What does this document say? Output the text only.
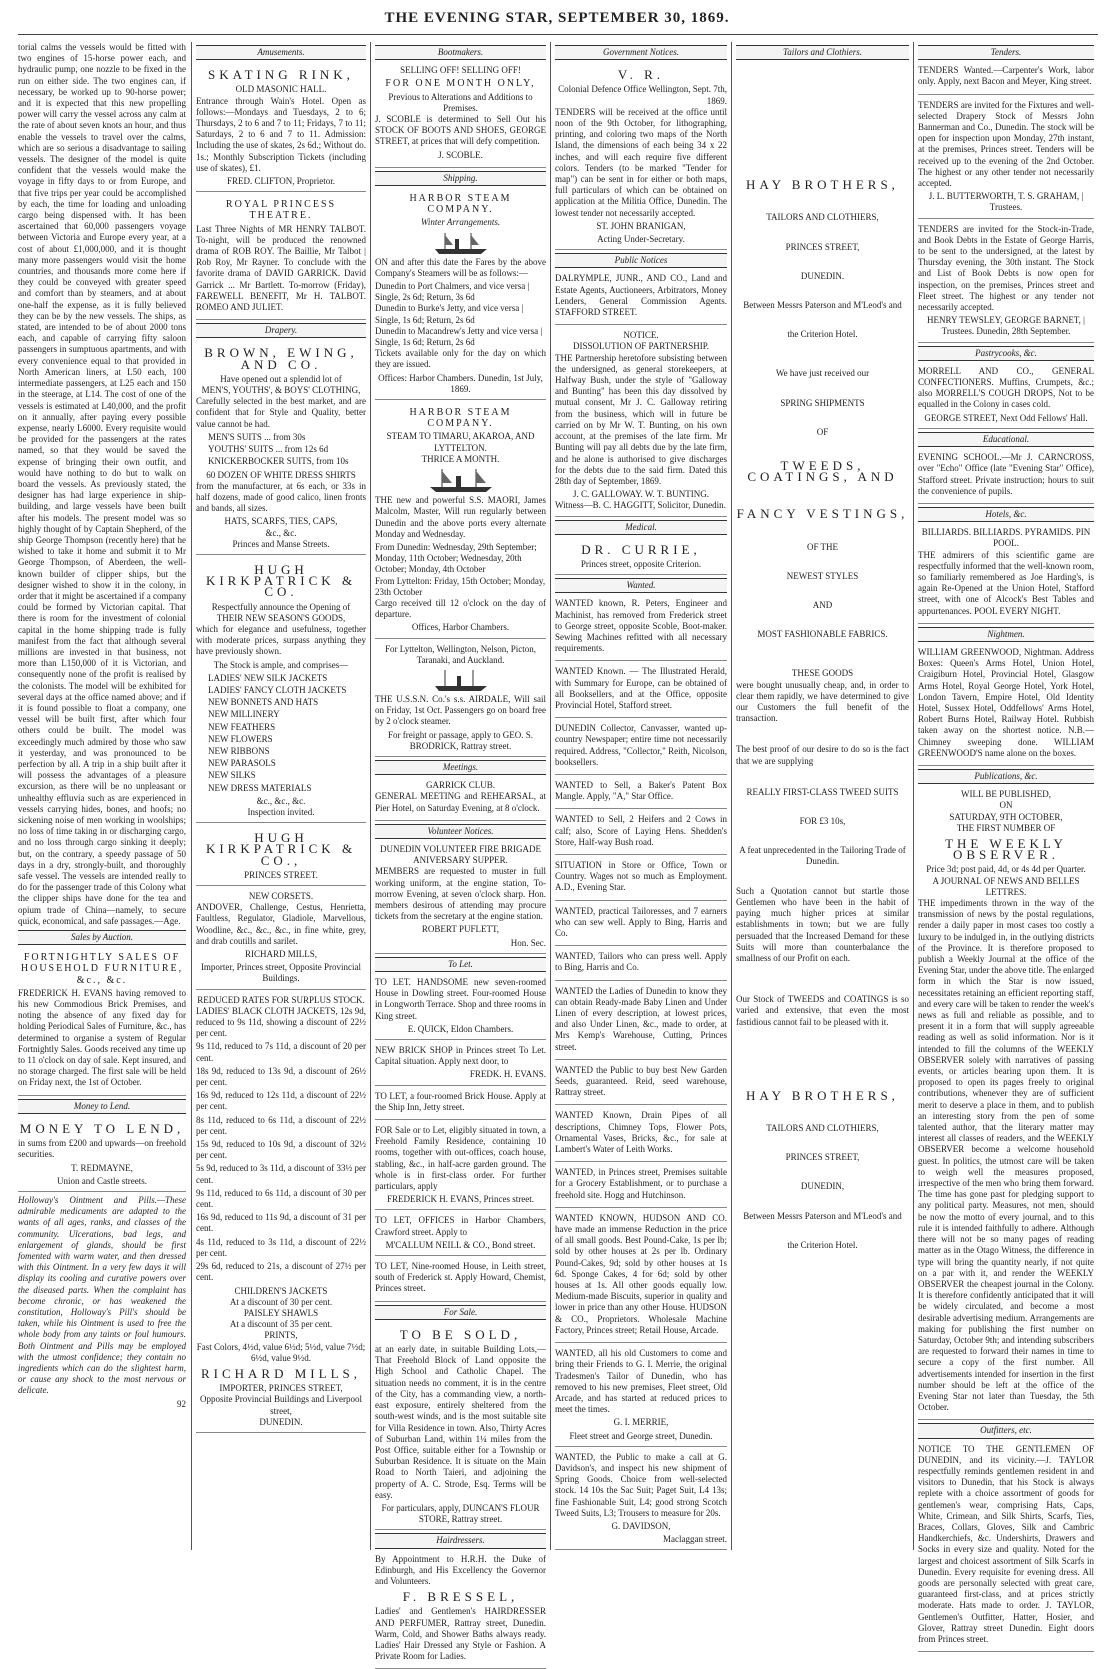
THE EVENING STAR, SEPTEMBER 30, 1869.

torial calms the vessels would be fitted with two engines of 15-horse power each, and hydraulic pump, one nozzle to be fixed in the run on either side. The two engines can, if necessary, be worked up to 90-horse power; and it is expected that this new propelling power will carry the vessel across any calm at the rate of about seven knots an hour, and thus enable the vessels to travel over the calms, which are so serious a disadvantage to sailing vessels. The designer of the model is quite confident that the vessels would make the voyage in fifty days to or from Europe, and that five trips per year could be accomplished by each, the time for loading and unloading cargo being dispensed with. It has been ascertained that 60,000 passengers voyage between Victoria and Europe every year, at a cost of about £1,000,000, and it is thought many more passengers would visit the home countries, and thousands more come here if they could be conveyed with greater speed and comfort than by steamers, and at about one-half the expense, as it is fully believed they can be by the new vessels. The ships, as stated, are intended to be of about 2000 tons each, and capable of carrying fifty saloon passengers in sumptuous apartments, and with every convenience equal to that provided in North American liners, at L50 each, 100 intermediate passengers, at L25 each and 150 in the steerage, at L14. The cost of one of the vessels is estimated at L40,000, and the profit on it annually, after paying every possible expense, nearly L6000. Every requisite would be provided for the passengers at the rates named, so that they would be saved the expense of bringing their own outfit, and would have nothing to do but to walk on board the vessels. As previously stated, the designer has had large experience in ship-building, and large vessels have been built after his models. The present model was so highly thought of by Captain Shepherd, of the ship George Thompson (recently here) that he wished to take it home and submit it to Mr George Thompson, of Aberdeen, the well-known builder of clipper ships, but the designer wished to show it in the colony, in order that it might be ascertained if a company could be formed by Victorian capital. That there is room for the investment of colonial capital in the home shipping trade is fully manifest from the fact that although several millions are invested in that business, not more than L150,000 of it is Victorian, and consequently none of the profit is realised by the colonists. The model will be exhibited for several days at the office named above; and if it is found possible to float a company, one vessel will be built first, after which four others could be built. The model was exceedingly much admired by those who saw it yesterday, and was pronounced to be perfection by all. A trip in a ship built after it will possess the advantages of a pleasure excursion, as there will be no unpleasant or unhealthy effluvia such as are experienced in vessels carrying hides, bones, and hoofs; no sickening noise of men working in woolships; no loss of time taking in or discharging cargo, and no loss through cargo sinking it deeply; but, on the contrary, a speedy passage of 50 days in a dry, strongly-built, and thoroughly safe vessel. The vessels are intended really to do for the passenger trade of this Colony what the clipper ships have done for the tea and opium trade of China—namely, to secure quick, economical, and safe passages.—Age.

Sales by Auction.
FORTNIGHTLY SALES OF HOUSEHOLD FURNITURE, &c., &c.

FREDERICK H. EVANS having removed to his new Commodious Brick Premises, and noting the absence of any fixed day for holding Periodical Sales of Furniture, &c., has determined to organise a system of Regular Fortnightly Sales. Goods received any time up to 11 o'clock on day of sale. Kept insured, and no storage charged. The first sale will be held on Friday next, the 1st of October.

Money to Lend.
MONEY TO LEND,

in sums from £200 and upwards—on freehold securities.

T. REDMAYNE,
Union and Castle streets.

Holloway's Ointment and Pills.—These admirable medicaments are adapted to the wants of all ages, ranks, and classes of the community. Ulcerations, bad legs, and enlargement of glands, should be first fomented with warm water, and then dressed with this Ointment. In a very few days it will display its cooling and curative powers over the diseased parts. When the complaint has become chronic, or has weakened the constitution, Holloway's Pill's should be taken, while his Ointment is used to free the whole body from any taints or foul humours. Both Ointment and Pills may be employed with the utmost confidence; they contain no ingredients which can do the slightest harm, or cause any shock to the most nervous or delicate.

92
Amusements.
SKATING RINK,
OLD MASONIC HALL.

Entrance through Wain's Hotel. Open as follows:—Mondays and Tuesdays, 2 to 6; Thursdays, 2 to 6 and 7 to 11; Fridays, 7 to 11; Saturdays, 2 to 6 and 7 to 11. Admission: Including the use of skates, 2s 6d.; Without do. 1s.; Monthly Subscription Tickets (including use of skates), £1.

FRED. CLIFTON, Proprietor.
ROYAL PRINCESS THEATRE.

Last Three Nights of MR HENRY TALBOT. To-night, will be produced the renowned drama of ROB ROY. The Baillie, Mr Talbot | Rob Roy, Mr Rayner. To conclude with the favorite drama of DAVID GARRICK. David Garrick ... Mr Bartlett. To-morrow (Friday), FAREWELL BENEFIT, Mr H. TALBOT. ROMEO AND JULIET.

Drapery.
BROWN, EWING, AND CO.
Have opened out a splendid lot of
MEN'S, YOUTHS', & BOYS' CLOTHING,

Carefully selected in the best market, and are confident that for Style and Quality, better value cannot be had.

MEN'S SUITS ... from 30s
YOUTHS' SUITS ... from 12s 6d
KNICKERBOCKER SUITS, from 10s
60 DOZEN OF WHITE DRESS SHIRTS

from the manufacturer, at 6s each, or 33s in half dozens, made of good calico, linen fronts and bands, all sizes.

HATS, SCARFS, TIES, CAPS,
&c., &c.
Princes and Manse Streets.
HUGH KIRKPATRICK & CO.
Respectfully announce the Opening of
THEIR NEW SEASON'S GOODS,

which for elegance and usefulness, together with moderate prices, surpass anything they have previously shown.

The Stock is ample, and comprises—
LADIES' NEW SILK JACKETS
LADIES' FANCY CLOTH JACKETS
NEW BONNETS AND HATS
NEW MILLINERY
NEW FEATHERS
NEW FLOWERS
NEW RIBBONS
NEW PARASOLS
NEW SILKS
NEW DRESS MATERIALS
&c., &c., &c.
Inspection invited.
HUGH KIRKPATRICK & CO.,
PRINCES STREET.
NEW CORSETS.

ANDOVER, Challenge, Cestus, Henrietta, Faultless, Regulator, Gladiole, Marvellous, Woodline, &c., &c., &c., in fine white, grey, and drab coutills and sarilet.

RICHARD MILLS,
Importer, Princes street, Opposite Provincial Buildings.
REDUCED RATES FOR SURPLUS STOCK.

LADIES' BLACK CLOTH JACKETS, 12s 9d, reduced to 9s 11d, showing a discount of 22½ per cent.

9s 11d, reduced to 7s 11d, a discount of 20 per cent.

18s 9d, reduced to 13s 9d, a discount of 26½ per cent.

16s 9d, reduced to 12s 11d, a discount of 22½ per cent.

8s 11d, reduced to 6s 11d, a discount of 22½ per cent.

15s 9d, reduced to 10s 9d, a discount of 32½ per cent.

5s 9d, reduced to 3s 11d, a discount of 33½ per cent.

9s 11d, reduced to 6s 11d, a discount of 30 per cent.

16s 9d, reduced to 11s 9d, a discount of 31 per cent.

4s 11d, reduced to 3s 11d, a discount of 22½ per cent.

29s 6d, reduced to 21s, a discount of 27½ per cent.

CHILDREN'S JACKETS
At a discount of 30 per cent.
PAISLEY SHAWLS
At a discount of 35 per cent.
PRINTS,
Fast Colors, 4½d, value 6½d; 5½d, value 7½d; 6½d, value 9½d.
RICHARD MILLS,
IMPORTER, PRINCES STREET,
Opposite Provincial Buildings and Liverpool street,
DUNEDIN.
Bootmakers.
SELLING OFF! SELLING OFF!
FOR ONE MONTH ONLY,
Previous to Alterations and Additions to Premises.

J. SCOBLE is determined to Sell Out his STOCK OF BOOTS AND SHOES, GEORGE STREET, at prices that will defy competition.

J. SCOBLE.
Shipping.
HARBOR STEAM COMPANY.
Winter Arrangements.

ON and after this date the Fares by the above Company's Steamers will be as follows:—

Dunedin to Port Chalmers, and vice versa | Single, 2s 6d; Return, 3s 6d
Dunedin to Burke's Jetty, and vice versa | Single, 1s 6d; Return, 2s 6d
Dunedin to Macandrew's Jetty and vice versa | Single, 1s 6d; Return, 2s 6d

Tickets available only for the day on which they are issued.

Offices: Harbor Chambers. Dunedin, 1st July, 1869.
HARBOR STEAM COMPANY.
STEAM TO TIMARU, AKAROA, AND LYTTELTON.
THRICE A MONTH.

THE new and powerful S.S. MAORI, James Malcolm, Master, Will run regularly between Dunedin and the above ports every alternate Monday and Wednesday.

From Dunedin: Wednesday, 29th September; Monday, 11th October; Wednesday, 20th October; Monday, 4th October
From Lyttelton: Friday, 15th October; Monday, 23th October

Cargo received till 12 o'clock on the day of departure.

Offices, Harbor Chambers.
For Lyttelton, Wellington, Nelson, Picton, Taranaki, and Auckland.

THE U.S.S.N. Co.'s s.s. AIRDALE, Will sail on Friday, 1st Oct. Passengers go on board free by 2 o'clock steamer.

For freight or passage, apply to GEO. S. BRODRICK, Rattray street.
Meetings.
GARRICK CLUB.

GENERAL MEETING and REHEARSAL, at Pier Hotel, on Saturday Evening, at 8 o'clock.

Volunteer Notices.
DUNEDIN VOLUNTEER FIRE BRIGADE ANIVERSARY SUPPER.

MEMBERS are requested to muster in full working uniform, at the engine station, To-morrow Evening, at seven o'clock sharp. Hon. members desirous of attending may procure tickets from the secretary at the engine station.

ROBERT PUFLETT,
Hon. Sec.
To Let.

TO LET. HANDSOME new seven-roomed House in Dowling street. Four-roomed House in Longworth Terrace. Shop and three rooms in King street.

E. QUICK, Eldon Chambers.

NEW BRICK SHOP in Princes street To Let. Capital situation. Apply next door, to

FREDK. H. EVANS.

TO LET, a four-roomed Brick House. Apply at the Ship Inn, Jetty street.

FOR Sale or to Let, eligibly situated in town, a Freehold Family Residence, containing 10 rooms, together with out-offices, coach house, stabling, &c., in half-acre garden ground. The whole is in first-class order. For further particulars, apply

FREDERICK H. EVANS, Princes street.

TO LET, OFFICES in Harbor Chambers, Crawford street. Apply to

M'CALLUM NEILL & CO., Bond street.

TO LET, Nine-roomed House, in Leith street, south of Frederick st. Apply Howard, Chemist, Princes street.

For Sale.
TO BE SOLD,

at an early date, in suitable Building Lots,— That Freehold Block of Land opposite the High School and Catholic Chapel. The situation needs no comment, it is in the centre of the City, has a commanding view, a north-east exposure, entirely sheltered from the south-west winds, and is the most suitable site for Villa Residence in town. Also, Thirty Acres of Suburban Land, within 1¼ miles from the Post Office, suitable either for a Township or Suburban Residence. It is situate on the Main Road to North Taieri, and adjoining the property of A. C. Strode, Esq. Terms will be easy.

For particulars, apply, DUNCAN'S FLOUR STORE, Rattray street.
Hairdressers.

By Appointment to H.R.H. the Duke of Edinburgh, and His Excellency the Governor and Volunteers.

F. BRESSEL,

Ladies' and Gentlemen's HAIRDRESSER AND PERFUMER, Rattray street, Dunedin. Warm, Cold, and Shower Baths always ready. Ladies' Hair Dressed any Style or Fashion. A Private Room for Ladies.

Government Notices.
V. R.
Colonial Defence Office Wellington, Sept. 7th, 1869.

TENDERS will be received at the office until noon of the 9th October, for lithographing, printing, and coloring two maps of the North Island, the dimensions of each being 34 x 22 inches, and will each require five different colors. Tenders (to be marked "Tender for map") can be sent in for either or both maps, full particulars of which can be obtained on application at the Militia Office, Dunedin. The lowest tender not necessarily accepted.

ST. JOHN BRANIGAN,
Acting Under-Secretary.
Public Notices

DALRYMPLE, JUNR., AND CO., Land and Estate Agents, Auctioneers, Arbitrators, Money Lenders, General Commission Agents. STAFFORD STREET.

NOTICE.
DISSOLUTION OF PARTNERSHIP.

THE Partnership heretofore subsisting between the undersigned, as general storekeepers, at Halfway Bush, under the style of "Galloway and Bunting" has been this day dissolved by mutual consent, Mr J. C. Galloway retiring from the business, which will in future be carried on by Mr W. T. Bunting, on his own account, at the premises of the late firm. Mr Bunting will pay all debts due by the late firm, and he alone is authorised to give discharges for the debts due to the said firm. Dated this 28th day of September, 1869.

J. C. GALLOWAY. W. T. BUNTING.
Witness—B. C. HAGGITT, Solicitor, Dunedin.
Medical.
DR. CURRIE,
Princes street, opposite Criterion.
Wanted.

WANTED known, R. Peters, Engineer and Machinist, has removed from Frederick street to George street, opposite Scoble, Boot-maker. Sewing Machines refitted with all necessary requirements.

WANTED Known. — The Illustrated Herald, with Summary for Europe, can be obtained of all Booksellers, and at the Office, opposite Provincial Hotel, Stafford street.

DUNEDIN Collector, Canvasser, wanted up-country Newspaper; entire time not necessarily required. Address, "Collector," Reith, Nicolson, booksellers.

WANTED to Sell, a Baker's Patent Box Mangle. Apply, "A," Star Office.

WANTED to Sell, 2 Heifers and 2 Cows in calf; also, Score of Laying Hens. Shedden's Store, Half-way Bush road.

SITUATION in Store or Office, Town or Country. Wages not so much as Employment. A.D., Evening Star.

WANTED, practical Tailoresses, and 7 earners who can sew well. Apply to Bing, Harris and Co.

WANTED, Tailors who can press well. Apply to Bing, Harris and Co.

WANTED the Ladies of Dunedin to know they can obtain Ready-made Baby Linen and Under Linen of every description, at lowest prices, and also Under Linen, &c., made to order, at Mrs Kemp's Warehouse, Cutting, Princes street.

WANTED the Public to buy best New Garden Seeds, guaranteed. Reid, seed warehouse, Rattray street.

WANTED Known, Drain Pipes of all descriptions, Chimney Tops, Flower Pots, Ornamental Vases, Bricks, &c., for sale at Lambert's Water of Leith Works.

WANTED, in Princes street, Premises suitable for a Grocery Establishment, or to purchase a freehold site. Hogg and Hutchinson.

WANTED KNOWN, HUDSON AND CO. have made an immense Reduction in the price of all small goods. Best Pound-Cake, 1s per lb; sold by other houses at 2s per lb. Ordinary Pound-Cakes, 9d; sold by other houses at 1s 6d. Sponge Cakes, 4 for 6d; sold by other houses at 1s. All other goods equally low. Medium-made Biscuits, superior in quality and lower in price than any other House. HUDSON & CO., Proprietors. Wholesale Machine Factory, Princes street; Retail House, Arcade.

WANTED, all his old Customers to come and bring their Friends to G. I. Merrie, the original Tradesmen's Tailor of Dunedin, who has removed to his new premises, Fleet street, Old Arcade, and has started at reduced prices to meet the times.

G. I. MERRIE,
Fleet street and George street, Dunedin.

WANTED, the Public to make a call at G. Davidson's, and inspect his new shipment of Spring Goods. Choice from well-selected stock. 14 10s the Sac Suit; Paget Suit, L4 13s; fine Fashionable Suit, L4; good strong Scotch Tweed Suits, L3; Trousers to measure for 20s.

G. DAVIDSON,
Maclaggan street.
Tailors and Clothiers.
HAY BROTHERS,
TAILORS AND CLOTHIERS,
PRINCES STREET,
DUNEDIN.
Between Messrs Paterson and M'Leod's and
the Criterion Hotel.
We have just received our
SPRING SHIPMENTS
OF
TWEEDS, COATINGS, AND
FANCY VESTINGS,
OF THE
NEWEST STYLES
AND
MOST FASHIONABLE FABRICS.
THESE GOODS

were bought unusually cheap, and, in order to clear them rapidly, we have determined to give our Customers the full benefit of the transaction.

The best proof of our desire to do so is the fact that we are supplying

REALLY FIRST-CLASS TWEED SUITS
FOR £3 10s,
A feat unprecedented in the Tailoring Trade of Dunedin.

Such a Quotation cannot but startle those Gentlemen who have been in the habit of paying much higher prices at similar establishments in town; but we are fully persuaded that the Increased Demand for these Suits will more than counterbalance the smallness of our Profit on each.

Our Stock of TWEEDS and COATINGS is so varied and extensive, that even the most fastidious cannot fail to be pleased with it.

HAY BROTHERS,
TAILORS AND CLOTHIERS,
PRINCES STREET,
DUNEDIN,
Between Messrs Paterson and M'Leod's and
the Criterion Hotel.
Tenders.

TENDERS Wanted.—Carpenter's Work, labor only. Apply, next Bacon and Meyer, King street.

TENDERS are invited for the Fixtures and well-selected Drapery Stock of Messrs John Bannerman and Co., Dunedin. The stock will be open for inspection upon Monday, 27th instant, at the premises, Princes street. Tenders will be received up to the evening of the 2nd October. The highest or any other tender not necessarily accepted.

J. L. BUTTERWORTH, T. S. GRAHAM, | Trustees.

TENDERS are invited for the Stock-in-Trade, and Book Debts in the Estate of George Harris, to be sent to the undersigned, at the latest by Thursday evening, the 30th instant. The Stock and List of Book Debts is now open for inspection, on the premises, Princes street and Fleet street. The highest or any tender not necessarily accepted.

HENRY TEWSLEY, GEORGE BARNET, | Trustees. Dunedin, 28th September.
Pastrycooks, &c.

MORRELL AND CO., GENERAL CONFECTIONERS. Muffins, Crumpets, &c.; also MORRELL'S COUGH DROPS, Not to be equalled in the Colony in cases cold.

GEORGE STREET, Next Odd Fellows' Hall.
Educational.

EVENING SCHOOL.—Mr J. CARNCROSS, over "Echo" Office (late "Evening Star" Office), Stafford street. Private instruction; hours to suit the convenience of pupils.

Hotels, &c.
BILLIARDS. BILLIARDS. PYRAMIDS. PIN POOL.

THE admirers of this scientific game are respectfully informed that the well-known room, so familiarly remembered as Joe Harding's, is again Re-Opened at the Union Hotel, Stafford street, with one of Alcock's Best Tables and appurtenances. POOL EVERY NIGHT.

Nightmen.

WILLIAM GREENWOOD, Nightman. Address Boxes: Queen's Arms Hotel, Union Hotel, Craigiburn Hotel, Provincial Hotel, Glasgow Arms Hotel, Royal George Hotel, York Hotel, London Tavern, Empire Hotel, Old Identity Hotel, Sussex Hotel, Oddfellows' Arms Hotel, Robert Burns Hotel, Railway Hotel. Rubbish taken away on the shortest notice. N.B.—Chimney sweeping done. WILLIAM GREENWOOD'S name alone on the boxes.

Publications, &c.
WILL BE PUBLISHED,
ON
SATURDAY, 9TH OCTOBER,
THE FIRST NUMBER OF
THE WEEKLY OBSERVER.
Price 3d; post paid, 4d, or 4s 4d per Quarter.
A JOURNAL OF NEWS AND BELLES LETTRES.

THE impediments thrown in the way of the transmission of news by the postal regulations, render a daily paper in most cases too costly a luxury to be indulged in, in the outlying districts of the Province. It is therefore proposed to publish a Weekly Journal at the office of the Evening Star, under the above title. The enlarged form in which the Star is now issued, necessitates retaining an efficient reporting staff, and every care will be taken to render the week's news as full and reliable as possible, and to present it in a form that will supply agreeable reading as well as solid information. Nor is it intended to fill the columns of the WEEKLY OBSERVER solely with narratives of passing events, or articles bearing upon them. It is proposed to open its pages freely to original contributions, whenever they are of sufficient merit to deserve a place in them, and to publish an interesting story from the pen of some talented author, that the literary matter may interest all classes of readers, and the WEEKLY OBSERVER become a welcome household guest. In politics, the utmost care will be taken to weigh well the measures proposed, irrespective of the men who bring them forward. The time has gone past for pledging support to any political party. Measures, not men, should be now the motto of every journal, and to this rule it is intended faithfully to adhere. Although there will not be so many pages of reading matter as in the Otago Witness, the difference in type will bring the quantity nearly, if not quite on a par with it, and render the WEEKLY OBSERVER the cheapest journal in the Colony. It is therefore confidently anticipated that it will be widely circulated, and become a most desirable advertising medium. Arrangements are making for publishing the first number on Saturday, October 9th; and intending subscribers are requested to forward their names in time to secure a copy of the first number. All advertisements intended for insertion in the first number should be left at the office of the Evening Star not later than Tuesday, the 5th October.

Outfitters, etc.

NOTICE TO THE GENTLEMEN OF DUNEDIN, and its vicinity.—J. TAYLOR respectfully reminds gentlemen resident in and visitors to Dunedin, that his Stock is always replete with a choice assortment of goods for gentlemen's wear, comprising Hats, Caps, White, Crimean, and Silk Shirts, Scarfs, Ties, Braces, Collars, Gloves, Silk and Cambric Handkerchiefs, &c. Undershirts, Drawers and Socks in every size and quality. Noted for the largest and choicest assortment of Silk Scarfs in Dunedin. Every requisite for evening dress. All goods are personally selected with great care, guaranteed first-class, and at prices strictly moderate. Hats made to order. J. TAYLOR, Gentlemen's Outfitter, Hatter, Hosier, and Glover, Rattray street Dunedin. Eight doors from Princes street.
